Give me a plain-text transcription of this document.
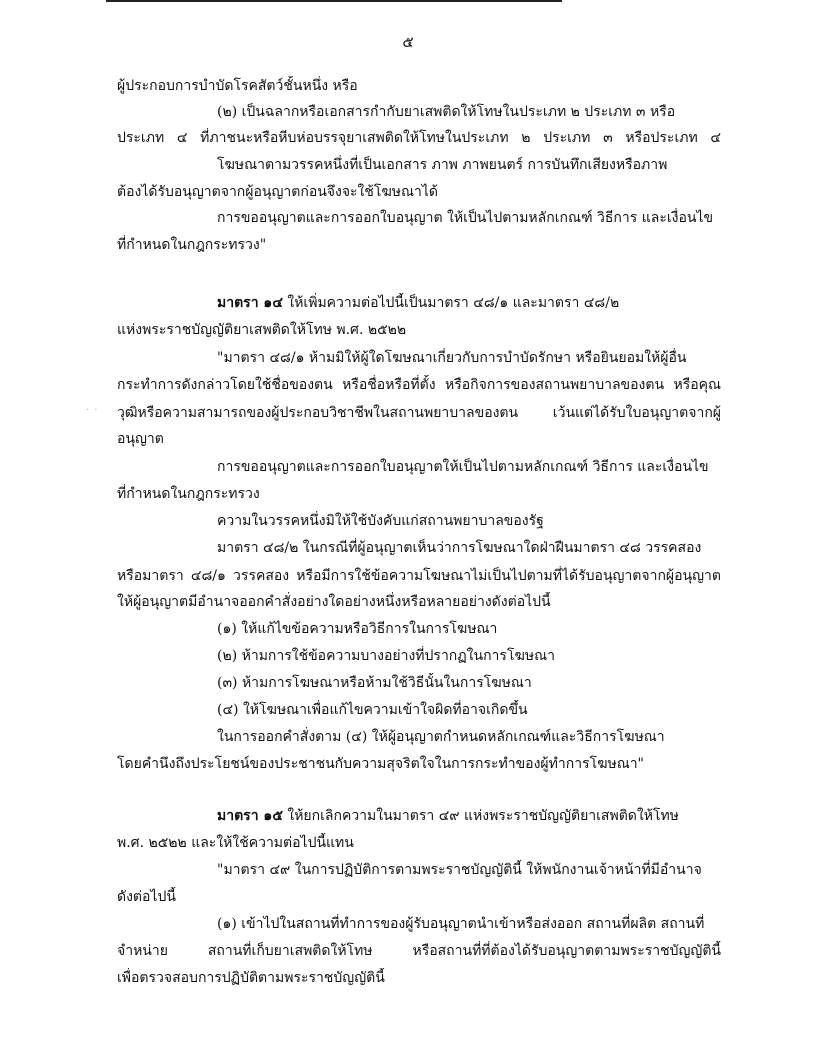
๕
· ·
ผู้ประกอบการบำบัดโรคสัตว์ชั้นหนึ่ง หรือ
(๒) เป็นฉลากหรือเอกสารกำกับยาเสพติดให้โทษในประเภท ๒ ประเภท ๓ หรือ
ประเภท ๔ ที่ภาชนะหรือหีบห่อบรรจุยาเสพติดให้โทษในประเภท ๒ ประเภท ๓ หรือประเภท ๔
โฆษณาตามวรรคหนึ่งที่เป็นเอกสาร ภาพ ภาพยนตร์ การบันทึกเสียงหรือภาพ
ต้องได้รับอนุญาตจากผู้อนุญาตก่อนจึงจะใช้โฆษณาได้
การขออนุญาตและการออกใบอนุญาต ให้เป็นไปตามหลักเกณฑ์ วิธีการ และเงื่อนไข
ที่กำหนดในกฎกระทรวง"
มาตรา ๑๔ ให้เพิ่มความต่อไปนี้เป็นมาตรา ๔๘/๑ และมาตรา ๔๘/๒
แห่งพระราชบัญญัติยาเสพติดให้โทษ พ.ศ. ๒๕๒๒
"มาตรา ๔๘/๑ ห้ามมิให้ผู้ใดโฆษณาเกี่ยวกับการบำบัดรักษา หรือยินยอมให้ผู้อื่น
กระทำการดังกล่าวโดยใช้ชื่อของตน หรือชื่อหรือที่ตั้ง หรือกิจการของสถานพยาบาลของตน หรือคุณ
วุฒิหรือความสามารถของผู้ประกอบวิชาชีพในสถานพยาบาลของตน เว้นแต่ได้รับใบอนุญาตจากผู้
อนุญาต
การขออนุญาตและการออกใบอนุญาตให้เป็นไปตามหลักเกณฑ์ วิธีการ และเงื่อนไข
ที่กำหนดในกฎกระทรวง
ความในวรรคหนึ่งมิให้ใช้บังคับแก่สถานพยาบาลของรัฐ
มาตรา ๔๘/๒ ในกรณีที่ผู้อนุญาตเห็นว่าการโฆษณาใดฝ่าฝืนมาตรา ๔๘ วรรคสอง
หรือมาตรา ๔๘/๑ วรรคสอง หรือมีการใช้ข้อความโฆษณาไม่เป็นไปตามที่ได้รับอนุญาตจากผู้อนุญาต
ให้ผู้อนุญาตมีอำนาจออกคำสั่งอย่างใดอย่างหนึ่งหรือหลายอย่างดังต่อไปนี้
(๑) ให้แก้ไขข้อความหรือวิธีการในการโฆษณา
(๒) ห้ามการใช้ข้อความบางอย่างที่ปรากฏในการโฆษณา
(๓) ห้ามการโฆษณาหรือห้ามใช้วิธีนั้นในการโฆษณา
(๔) ให้โฆษณาเพื่อแก้ไขความเข้าใจผิดที่อาจเกิดขึ้น
ในการออกคำสั่งตาม (๔) ให้ผู้อนุญาตกำหนดหลักเกณฑ์และวิธีการโฆษณา
โดยคำนึงถึงประโยชน์ของประชาชนกับความสุจริตใจในการกระทำของผู้ทำการโฆษณา"
มาตรา ๑๕ ให้ยกเลิกความในมาตรา ๔๙ แห่งพระราชบัญญัติยาเสพติดให้โทษ
พ.ศ. ๒๕๒๒ และให้ใช้ความต่อไปนี้แทน
"มาตรา ๔๙ ในการปฏิบัติการตามพระราชบัญญัตินี้ ให้พนักงานเจ้าหน้าที่มีอำนาจ
ดังต่อไปนี้
(๑) เข้าไปในสถานที่ทำการของผู้รับอนุญาตนำเข้าหรือส่งออก สถานที่ผลิต สถานที่
จำหน่าย สถานที่เก็บยาเสพติดให้โทษ หรือสถานที่ที่ต้องได้รับอนุญาตตามพระราชบัญญัตินี้
เพื่อตรวจสอบการปฏิบัติตามพระราชบัญญัตินี้
